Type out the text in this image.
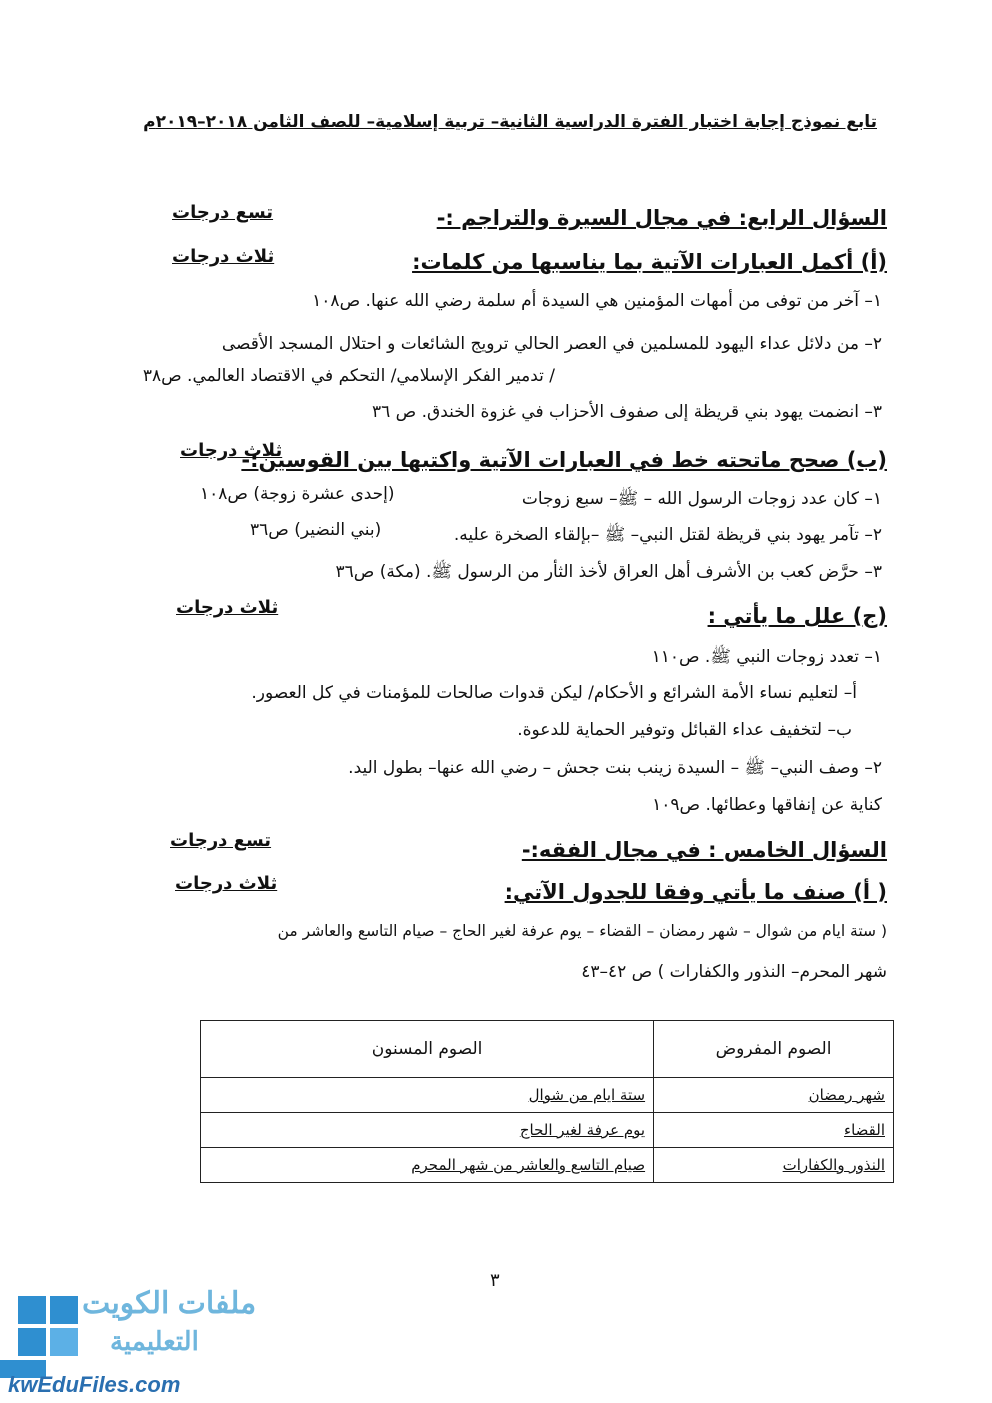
تابع نموذج إجابة اختبار الفترة الدراسية الثانية– تربية إسلامية– للصف الثامن ٢٠١٨–٢٠١٩م
السؤال الرابع: في مجال السيرة والتراجم :-
تسع درجات
(أ) أكمل العبارات الآتية بما يناسبها من كلمات:
ثلاث درجات
١– آخر من توفى من أمهات المؤمنين هي السيدة أم سلمة رضي الله عنها. ص١٠٨
٢– من دلائل عداء اليهود للمسلمين في العصر الحالي ترويج الشائعات و احتلال المسجد الأقصى
/ تدمير الفكر الإسلامي/ التحكم في الاقتصاد العالمي. ص٣٨
٣– انضمت يهود بني قريظة إلى صفوف الأحزاب في غزوة الخندق. ص ٣٦
(ب) صحح ماتحته خط في العبارات الآتية واكتبها بين القوسين:-
ثلاث درجات
١– كان عدد زوجات الرسول الله – ﷺ– سبع زوجات
(إحدى عشرة زوجة) ص١٠٨
٢– تآمر يهود بني قريظة لقتل النبي– ﷺ –بإلقاء الصخرة عليه.
(بني النضير) ص٣٦
٣– حرَّض كعب بن الأشرف أهل العراق لأخذ الثأر من الرسول ﷺ. (مكة) ص٣٦
(ج) علل ما يأتي :
ثلاث درجات
١– تعدد زوجات النبي ﷺ. ص١١٠
أ– لتعليم نساء الأمة الشرائع و الأحكام/ ليكن قدوات صالحات للمؤمنات في كل العصور.
ب– لتخفيف عداء القبائل وتوفير الحماية للدعوة.
٢– وصف النبي– ﷺ – السيدة زينب بنت جحش – رضي الله عنها– بطول اليد.
كناية عن إنفاقها وعطائها. ص١٠٩
السؤال الخامس : في مجال الفقه:-
تسع درجات
( أ) صنف ما يأتي وفقا للجدول الآتي:
ثلاث درجات
( ستة ايام من شوال – شهر رمضان – القضاء – يوم عرفة لغير الحاج – صيام التاسع والعاشر من
شهر المحرم– النذور والكفارات ) ص ٤٢–٤٣
الصوم المفروض	الصوم المسنون
شهر رمضان	ستة ايام من شوال
القضاء	يوم عرفة لغير الحاج
النذور والكفارات	صيام التاسع والعاشر من شهر المحرم
٣
ملفات الكويت
التعليمية
kwEduFiles.com
